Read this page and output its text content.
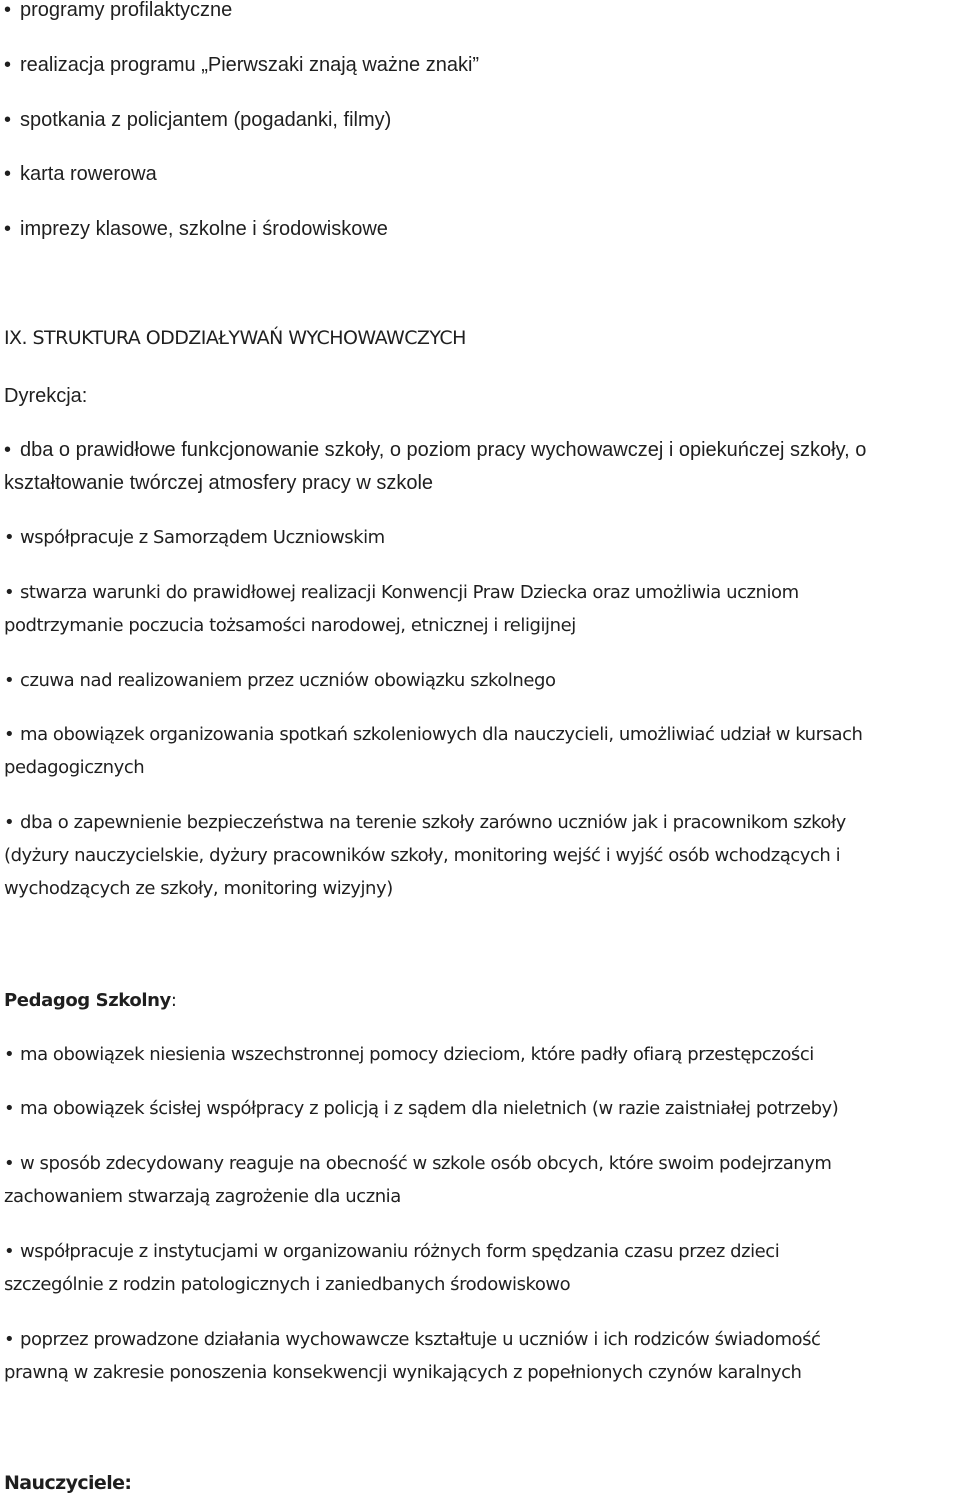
• programy profilaktyczne
• realizacja programu „Pierwszaki znają ważne znaki”
• spotkania z policjantem (pogadanki, filmy)
• karta rowerowa
• imprezy klasowe, szkolne i środowiskowe
IX. STRUKTURA ODDZIAŁYWAŃ WYCHOWAWCZYCH
Dyrekcja:
• dba o prawidłowe funkcjonowanie szkoły, o poziom pracy wychowawczej i opiekuńczej szkoły, o
kształtowanie twórczej atmosfery pracy w szkole
• współpracuje z Samorządem Uczniowskim
• stwarza warunki do prawidłowej realizacji Konwencji Praw Dziecka oraz umożliwia uczniom
podtrzymanie poczucia tożsamości narodowej, etnicznej i religijnej
• czuwa nad realizowaniem przez uczniów obowiązku szkolnego
• ma obowiązek organizowania spotkań szkoleniowych dla nauczycieli, umożliwiać udział w kursach
pedagogicznych
• dba o zapewnienie bezpieczeństwa na terenie szkoły zarówno uczniów jak i pracownikom szkoły
(dyżury nauczycielskie, dyżury pracowników szkoły, monitoring wejść i wyjść osób wchodzących i
wychodzących ze szkoły, monitoring wizyjny)
Pedagog Szkolny:
• ma obowiązek niesienia wszechstronnej pomocy dzieciom, które padły ofiarą przestępczości
• ma obowiązek ścisłej współpracy z policją i z sądem dla nieletnich (w razie zaistniałej potrzeby)
• w sposób zdecydowany reaguje na obecność w szkole osób obcych, które swoim podejrzanym
zachowaniem stwarzają zagrożenie dla ucznia
• współpracuje z instytucjami w organizowaniu różnych form spędzania czasu przez dzieci
szczególnie z rodzin patologicznych i zaniedbanych środowiskowo
• poprzez prowadzone działania wychowawcze kształtuje u uczniów i ich rodziców świadomość
prawną w zakresie ponoszenia konsekwencji wynikających z popełnionych czynów karalnych
Nauczyciele:
